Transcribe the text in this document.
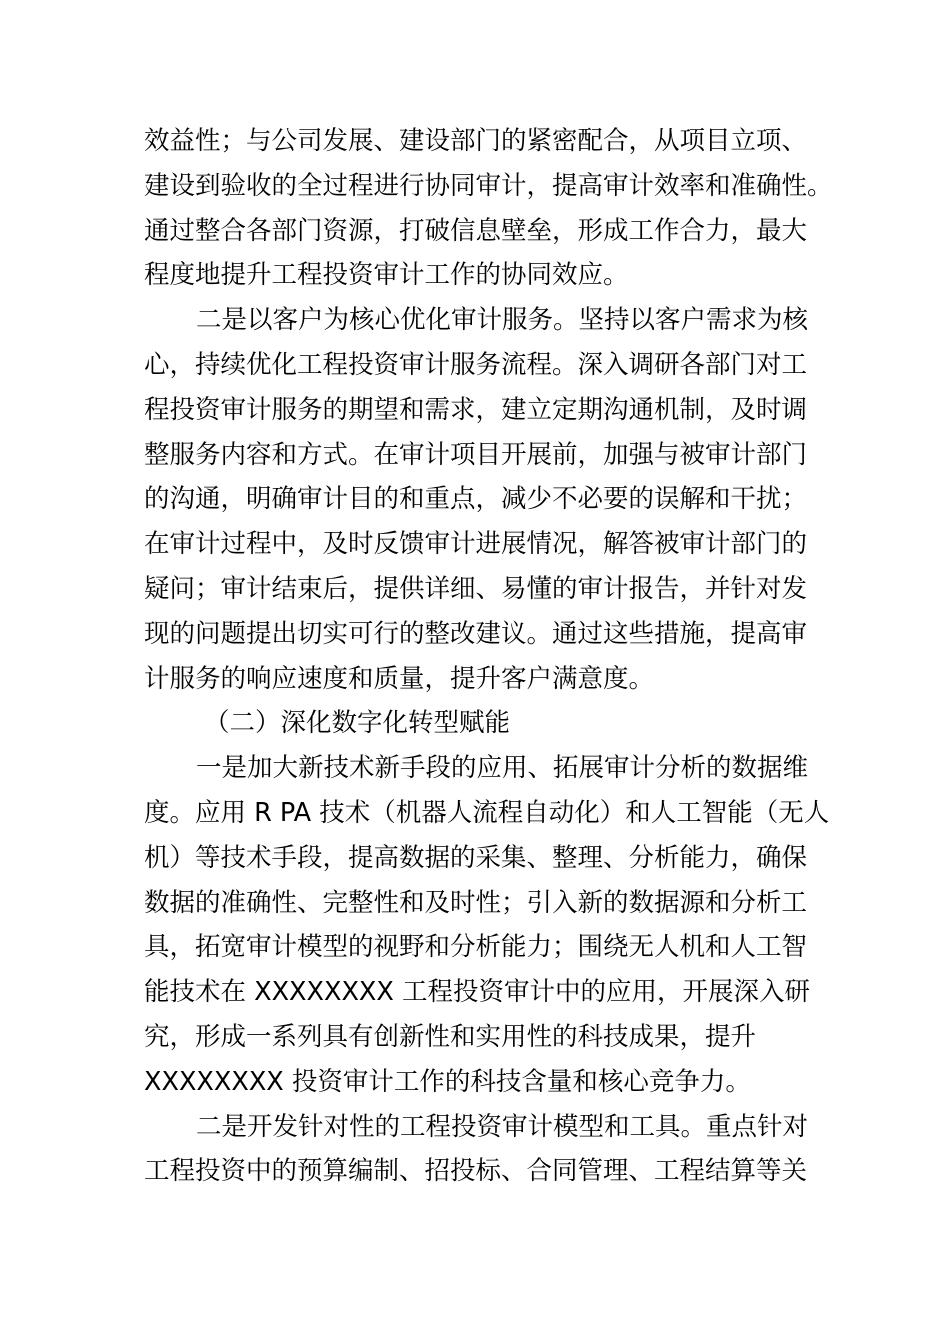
效益性；与公司发展、建设部门的紧密配合，从项目立项、
建设到验收的全过程进行协同审计，提高审计效率和准确性。
通过整合各部门资源，打破信息壁垒，形成工作合力，最大
程度地提升工程投资审计工作的协同效应。
二是以客户为核心优化审计服务。坚持以客户需求为核
心，持续优化工程投资审计服务流程。深入调研各部门对工
程投资审计服务的期望和需求，建立定期沟通机制，及时调
整服务内容和方式。在审计项目开展前，加强与被审计部门
的沟通，明确审计目的和重点，减少不必要的误解和干扰；
在审计过程中，及时反馈审计进展情况，解答被审计部门的
疑问；审计结束后，提供详细、易懂的审计报告，并针对发
现的问题提出切实可行的整改建议。通过这些措施，提高审
计服务的响应速度和质量，提升客户满意度。
（二）深化数字化转型赋能
一是加大新技术新手段的应用、拓展审计分析的数据维
度。应用 R PA 技术（机器人流程自动化）和人工智能（无人
机）等技术手段，提高数据的采集、整理、分析能力，确保
数据的准确性、完整性和及时性；引入新的数据源和分析工
具，拓宽审计模型的视野和分析能力；围绕无人机和人工智
能技术在 XXXXXXXX 工程投资审计中的应用，开展深入研
究，形成一系列具有创新性和实用性的科技成果，提升
XXXXXXXX 投资审计工作的科技含量和核心竞争力。
二是开发针对性的工程投资审计模型和工具。重点针对
工程投资中的预算编制、招投标、合同管理、工程结算等关
